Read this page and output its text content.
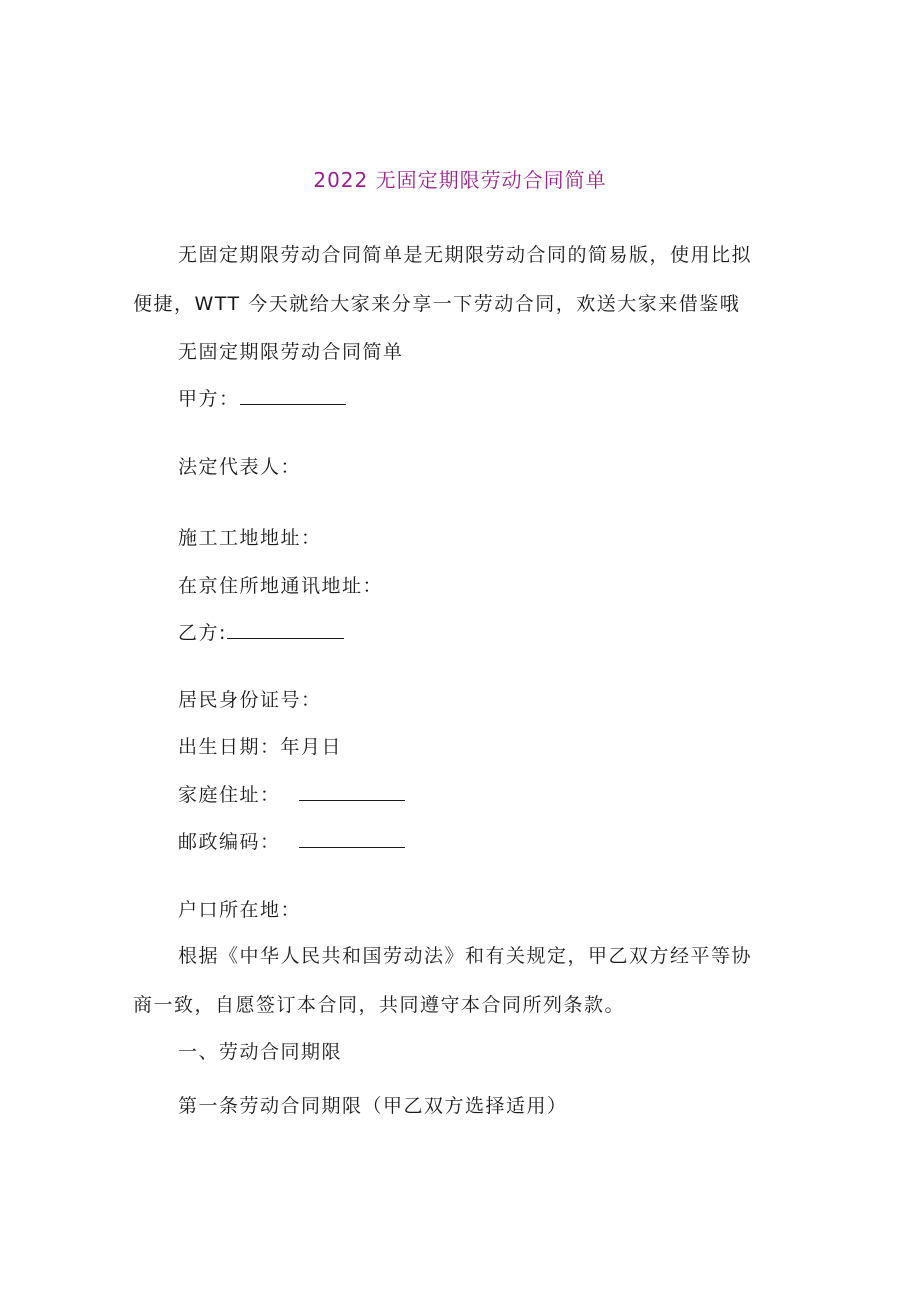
2022 无固定期限劳动合同简单
无固定期限劳动合同简单是无期限劳动合同的简易版，使用比拟
便捷，WTT 今天就给大家来分享一下劳动合同，欢送大家来借鉴哦
无固定期限劳动合同简单
甲方：
法定代表人：
施工工地地址：
在京住所地通讯地址：
乙方:
居民身份证号：
出生日期：年月日
家庭住址：
邮政编码：
户口所在地：
根据《中华人民共和国劳动法》和有关规定，甲乙双方经平等协
商一致，自愿签订本合同，共同遵守本合同所列条款。
一、劳动合同期限
第一条劳动合同期限（甲乙双方选择适用）
